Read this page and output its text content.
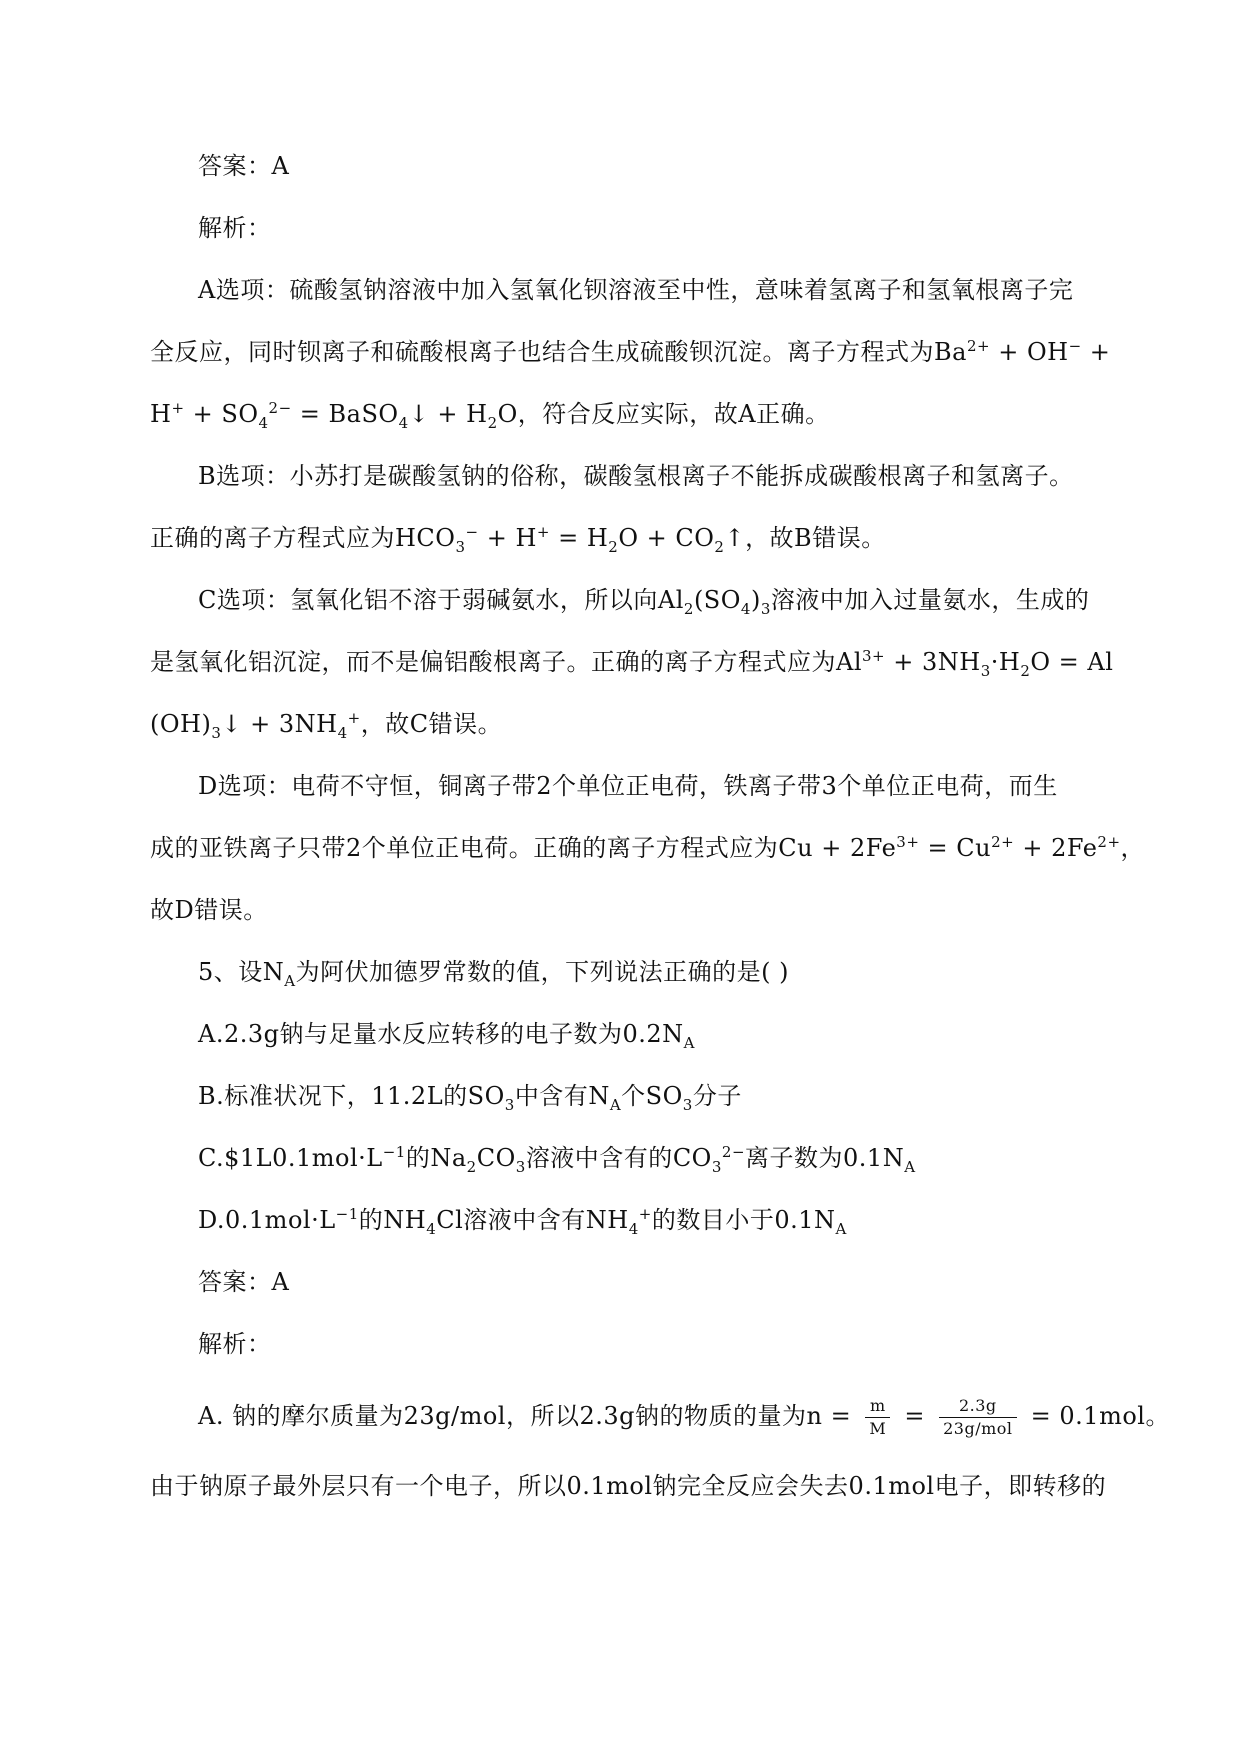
答案：A
解析：
A选项：硫酸氢钠溶液中加入氢氧化钡溶液至中性，意味着氢离子和氢氧根离子完
全反应，同时钡离子和硫酸根离子也结合生成硫酸钡沉淀。离子方程式为$Ba^{2+} + OH^-$ +
$H^+ + SO_4^{2-}$ = BaSO$_4$↓ + $H_2O$，符合反应实际，故A正确。
B选项：小苏打是碳酸氢钠的俗称，碳酸氢根离子不能拆成碳酸根离子和氢离子。
正确的离子方程式应为$HCO_3^- + H^+ = H_2O$ + $CO_2↑$，故B错误。
C选项：氢氧化铝不溶于弱碱氨水，所以向$Al_2(SO_4)_3$溶液中加入过量氨水，生成的
是氢氧化铝沉淀，而不是偏铝酸根离子。正确的离子方程式应为$Al^{3+} + 3NH_3\cdot H_2O = Al$
$(OH)_3↓ + 3NH_4^+$，故C错误。
D选项：电荷不守恒，铜离子带2个单位正电荷，铁离子带3个单位正电荷，而生
成的亚铁离子只带2个单位正电荷。正确的离子方程式应为$Cu + 2Fe^{3+} = Cu^{2+} + 2Fe^{2+}$，
故D错误。
5、设$N_A$为阿伏加德罗常数的值，下列说法正确的是( )
A.2.3g钠与足量水反应转移的电子数为$0.2N_A$
B.标准状况下，11.2L的$SO_3$中含有$N_A$个$SO_3$分子
$C.\$1L0.1mol\cdot L^{-1}$的$Na_2CO_3$溶液中含有的$CO_3^{2-}$离子数为$0.1N_A$
$D.0.1mol\cdot L^{-1}$的$NH_4Cl$溶液中含有$NH_4^+$的数目小于$0.1N_A$
答案：A
解析：
A. 钠的摩尔质量为23g/mol，所以2.3g钠的物质的量为$n = \frac{m}{M} = \frac{2.3g}{\text{23g/mol}} = 0.1mol$。
由于钠原子最外层只有一个电子，所以0.1mol钠完全反应会失去0.1mol电子，即转移的
